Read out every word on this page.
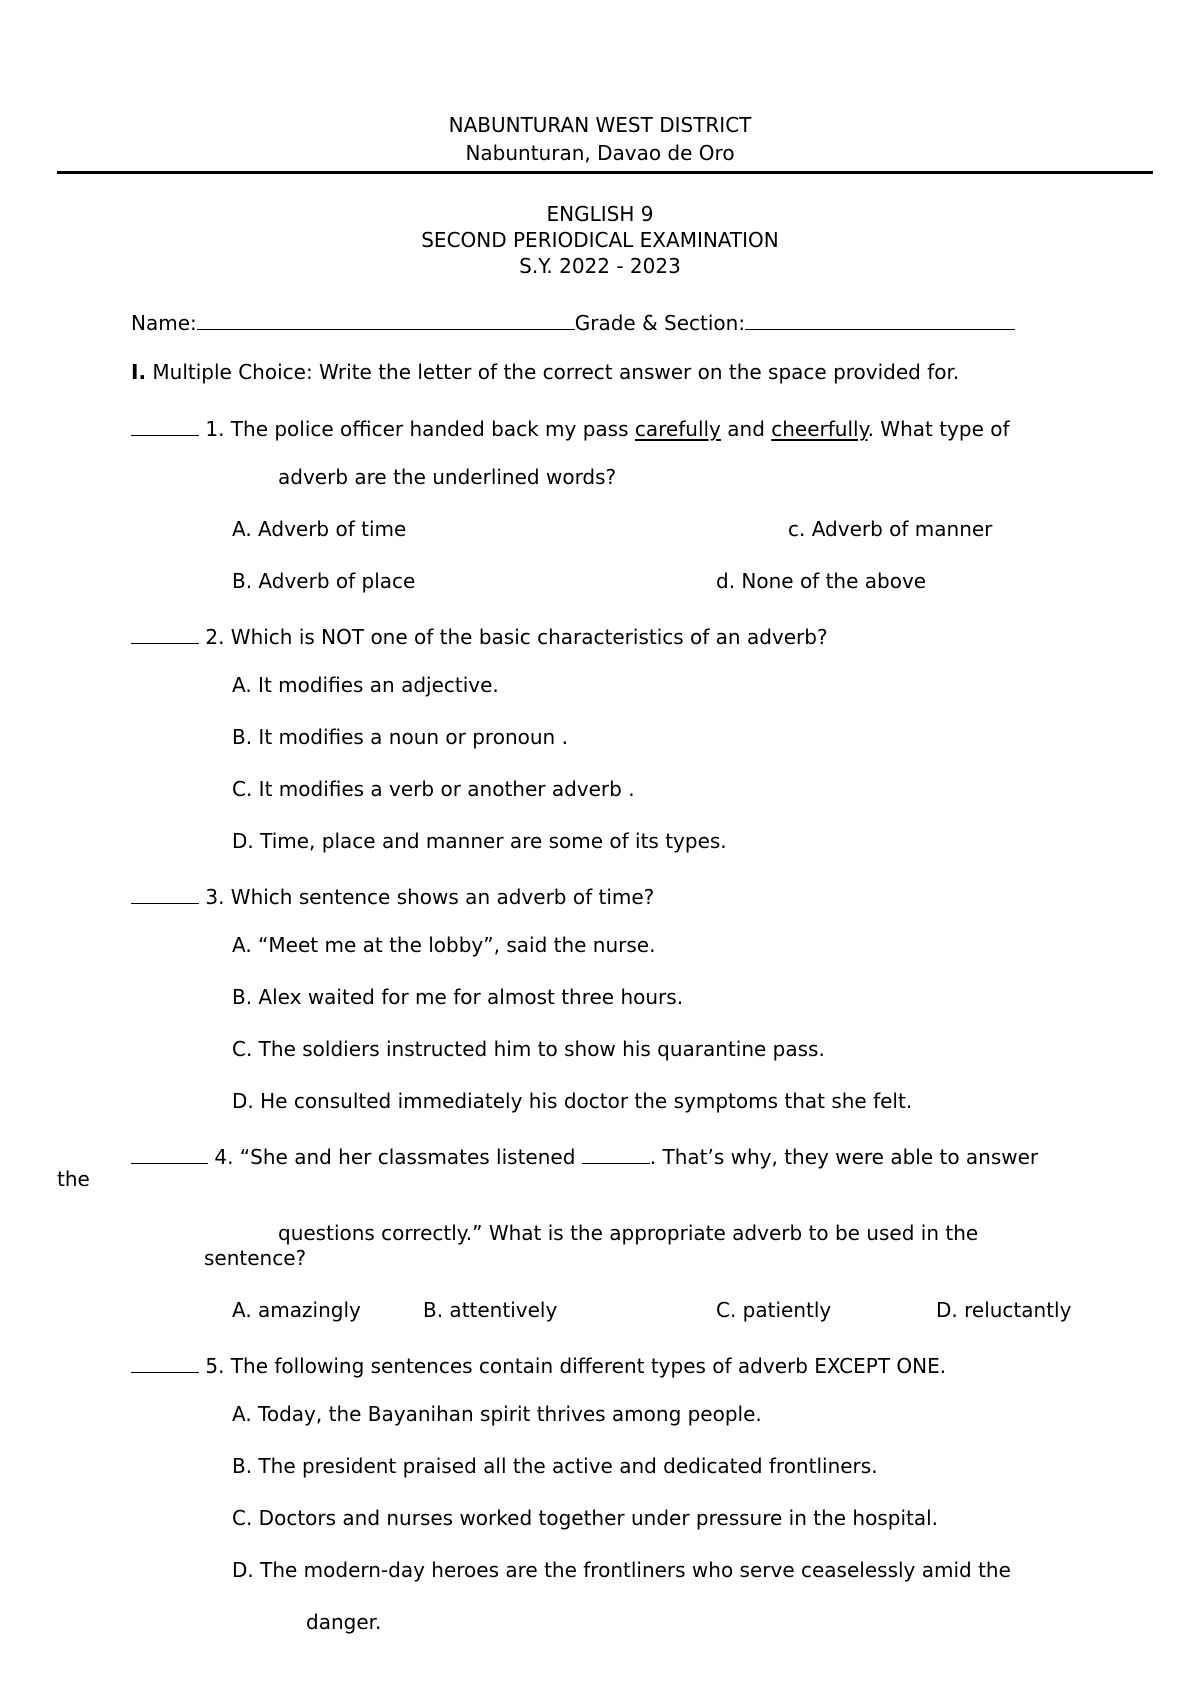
NABUNTURAN WEST DISTRICT
Nabunturan, Davao de Oro
ENGLISH 9
SECOND PERIODICAL EXAMINATION
S.Y. 2022 - 2023
Name:	Grade & Section:
I. Multiple Choice: Write the letter of the correct answer on the space provided for.
1. The police officer handed back my pass carefully and cheerfully. What type of
adverb are the underlined words?
A. Adverb of time	c. Adverb of manner
B. Adverb of place	d. None of the above
2. Which is NOT one of the basic characteristics of an adverb?
A. It modifies an adjective.
B. It modifies a noun or pronoun .
C. It modifies a verb or another adverb .
D. Time, place and manner are some of its types.
3. Which sentence shows an adverb of time?
A. “Meet me at the lobby”, said the nurse.
B. Alex waited for me for almost three hours.
C. The soldiers instructed him to show his quarantine pass.
D. He consulted immediately his doctor the symptoms that she felt.
4. “She and her classmates listened	. That’s why, they were able to answer
the
questions correctly.” What is the appropriate adverb to be used in the
sentence?
A. amazingly	B. attentively	C. patiently	D. reluctantly
5. The following sentences contain different types of adverb EXCEPT ONE.
A. Today, the Bayanihan spirit thrives among people.
B. The president praised all the active and dedicated frontliners.
C. Doctors and nurses worked together under pressure in the hospital.
D. The modern-day heroes are the frontliners who serve ceaselessly amid the
danger.
